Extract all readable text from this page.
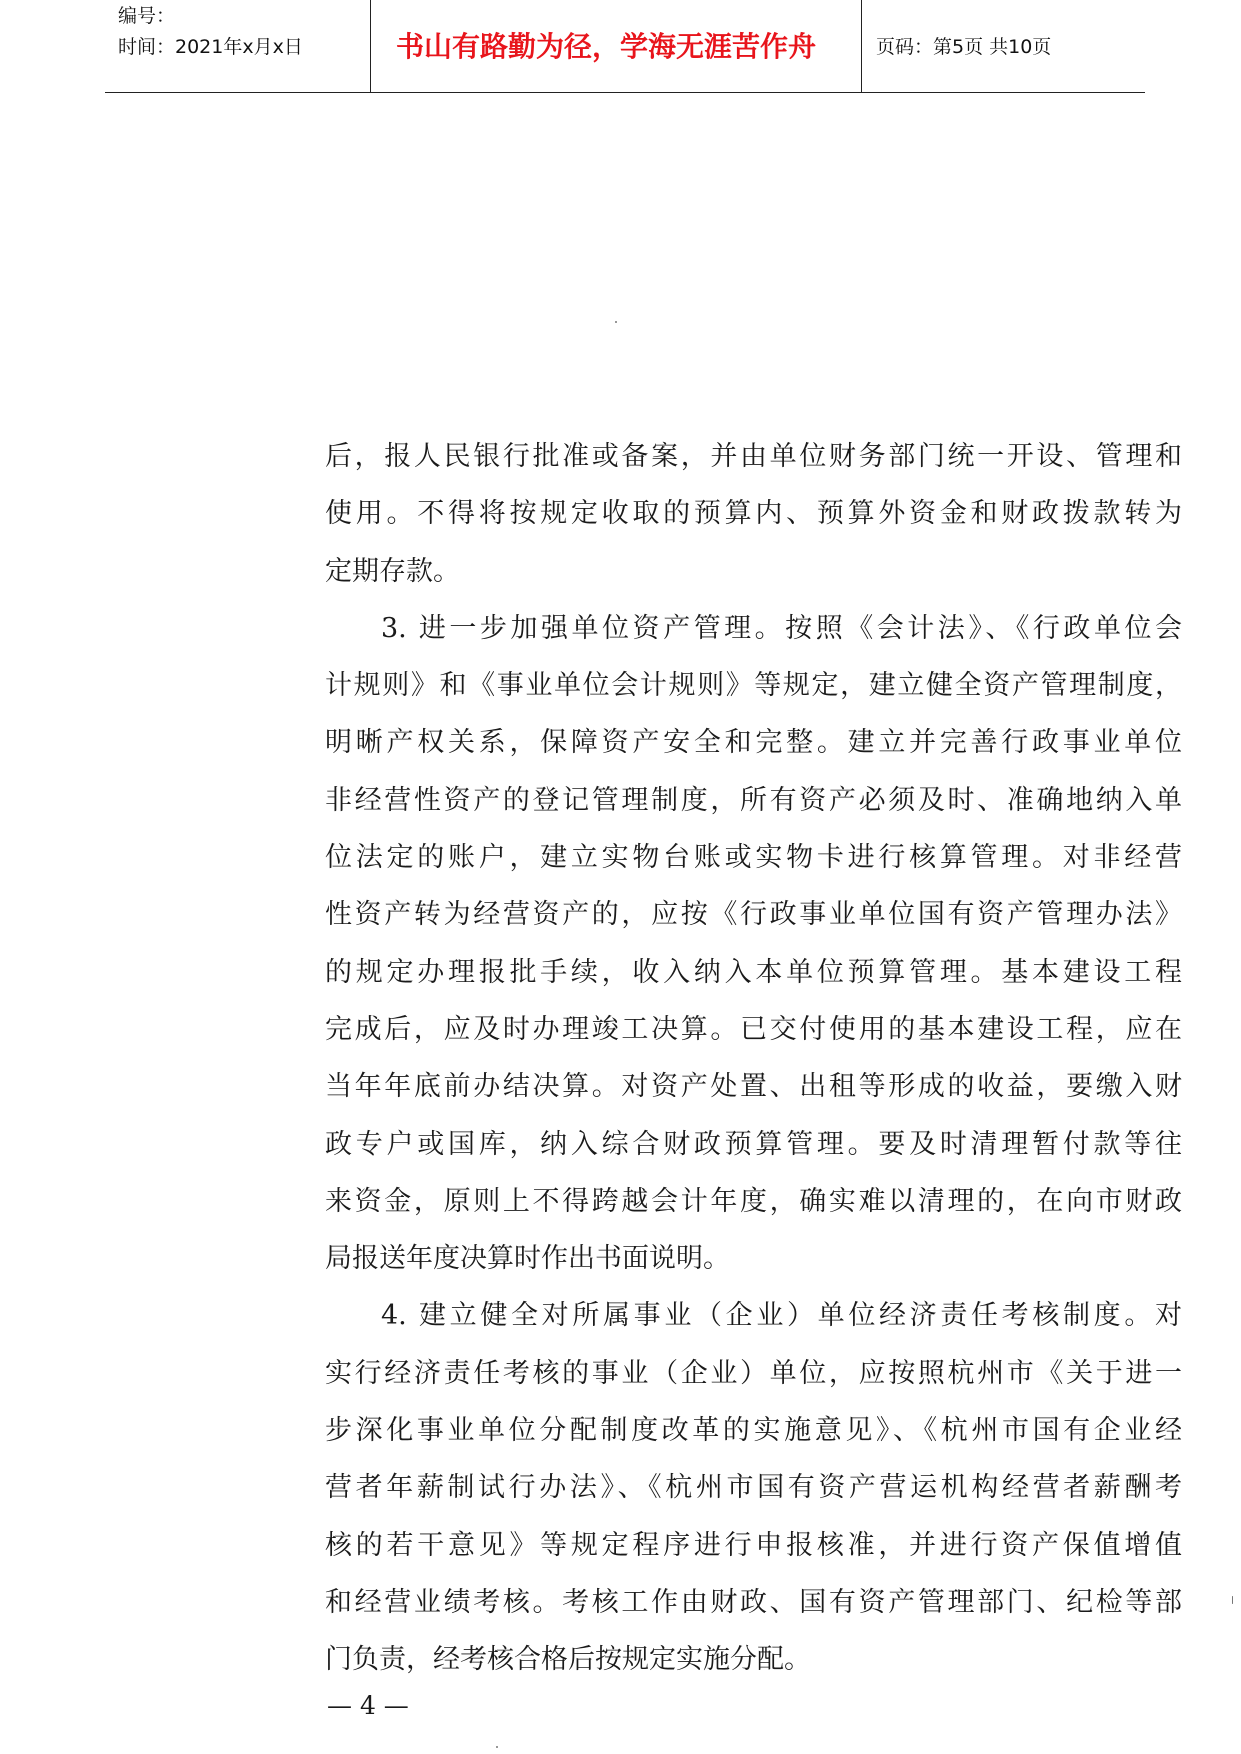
编号：
时间：2021年x月x日	书山有路勤为径，学海无涯苦作舟	页码：第5页 共10页
后，报人民银行批准或备案，并由单位财务部门统一开设、管理和
使用。不得将按规定收取的预算内、预算外资金和财政拨款转为
定期存款。
3. 进一步加强单位资产管理。按照《会计法》、《行政单位会
计规则》和《事业单位会计规则》等规定，建立健全资产管理制度，
明晰产权关系，保障资产安全和完整。建立并完善行政事业单位
非经营性资产的登记管理制度，所有资产必须及时、准确地纳入单
位法定的账户，建立实物台账或实物卡进行核算管理。对非经营
性资产转为经营资产的，应按《行政事业单位国有资产管理办法》
的规定办理报批手续，收入纳入本单位预算管理。基本建设工程
完成后，应及时办理竣工决算。已交付使用的基本建设工程，应在
当年年底前办结决算。对资产处置、出租等形成的收益，要缴入财
政专户或国库，纳入综合财政预算管理。要及时清理暂付款等往
来资金，原则上不得跨越会计年度，确实难以清理的，在向市财政
局报送年度决算时作出书面说明。
4. 建立健全对所属事业（企业）单位经济责任考核制度。对
实行经济责任考核的事业（企业）单位，应按照杭州市《关于进一
步深化事业单位分配制度改革的实施意见》、《杭州市国有企业经
营者年薪制试行办法》、《杭州市国有资产营运机构经营者薪酬考
核的若干意见》等规定程序进行申报核准，并进行资产保值增值
和经营业绩考核。考核工作由财政、国有资产管理部门、纪检等部
门负责，经考核合格后按规定实施分配。
— 4 —
